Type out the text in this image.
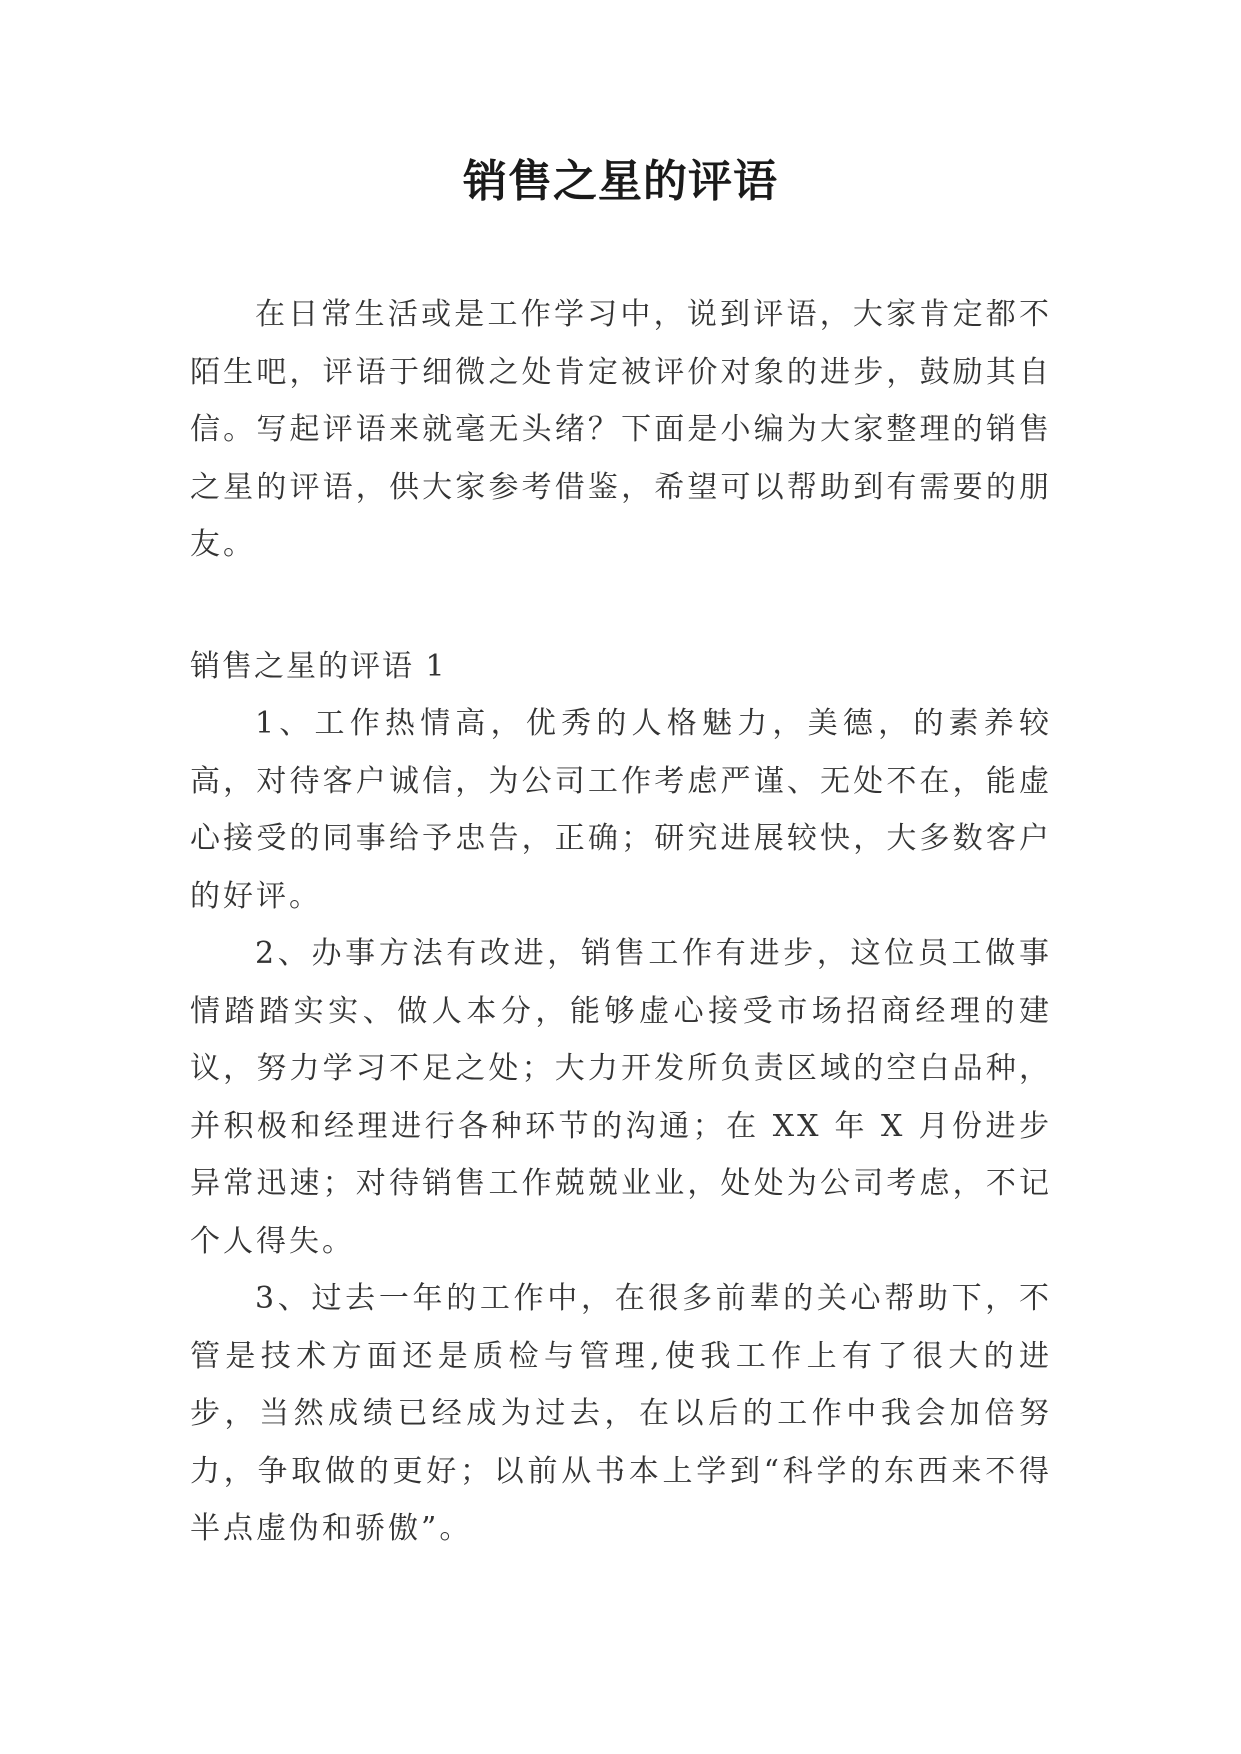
销售之星的评语

在日常生活或是工作学习中，说到评语，大家肯定都不陌生吧，评语于细微之处肯定被评价对象的进步，鼓励其自信。写起评语来就毫无头绪？下面是小编为大家整理的销售之星的评语，供大家参考借鉴，希望可以帮助到有需要的朋友。

销售之星的评语 1

1、工作热情高，优秀的人格魅力，美德，的素养较高，对待客户诚信，为公司工作考虑严谨、无处不在，能虚心接受的同事给予忠告，正确；研究进展较快，大多数客户的好评。

2、办事方法有改进，销售工作有进步，这位员工做事情踏踏实实、做人本分，能够虚心接受市场招商经理的建议，努力学习不足之处；大力开发所负责区域的空白品种，并积极和经理进行各种环节的沟通；在 XX 年 X 月份进步异常迅速；对待销售工作兢兢业业，处处为公司考虑，不记个人得失。

3、过去一年的工作中，在很多前辈的关心帮助下，不管是技术方面还是质检与管理,使我工作上有了很大的进步，当然成绩已经成为过去，在以后的工作中我会加倍努力，争取做的更好；以前从书本上学到“科学的东西来不得半点虚伪和骄傲”。
